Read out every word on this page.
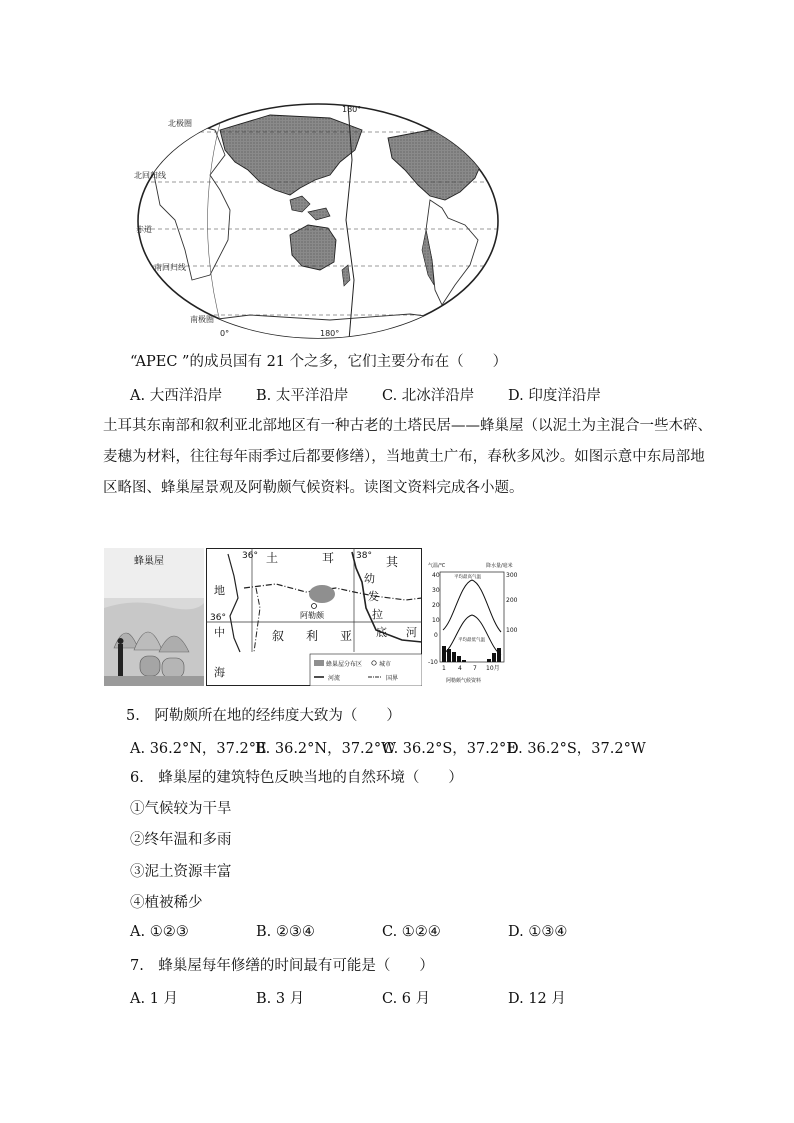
180°
北极圈
北回归线
赤道
南回归线
南极圈
0°	180°
“APEC ”的成员国有 21 个之多，它们主要分布在（　　）
A. 大西洋沿岸 B. 太平洋沿岸 C. 北冰洋沿岸 D. 印度洋沿岸
土耳其东南部和叙利亚北部地区有一种古老的土塔民居——蜂巢屋（以泥土为主混合一些木碎、
麦穗为材料，往往每年雨季过后都要修缮），当地黄土广布，春秋多风沙。如图示意中东局部地
区略图、蜂巢屋景观及阿勒颇气候资料。读图文资料完成各小题。
蜂巢屋
蜂巢屋分布区	城市
河流	国界
36°	38°
36°
土	耳	其
叙 利 亚
幼
发
拉
底 河
地
中
海
阿勒颇
气温/℃	降水量/毫米
40
30
20
10
0
-10
300
200
100
平均最高气温
平均最低气温
1 4 7 10月
阿勒颇气候资料
5.　阿勒颇所在地的经纬度大致为（　　）
A. 36.2°N，37.2°E
B. 36.2°N，37.2°W
C. 36.2°S，37.2°E
D. 36.2°S，37.2°W
6.　蜂巢屋的建筑特色反映当地的自然环境（　　）
①气候较为干旱
②终年温和多雨
③泥土资源丰富
④植被稀少
A. ①②③	B. ②③④	C. ①②④	D. ①③④
7.　蜂巢屋每年修缮的时间最有可能是（　　）
A. 1 月	B. 3 月	C. 6 月	D. 12 月
